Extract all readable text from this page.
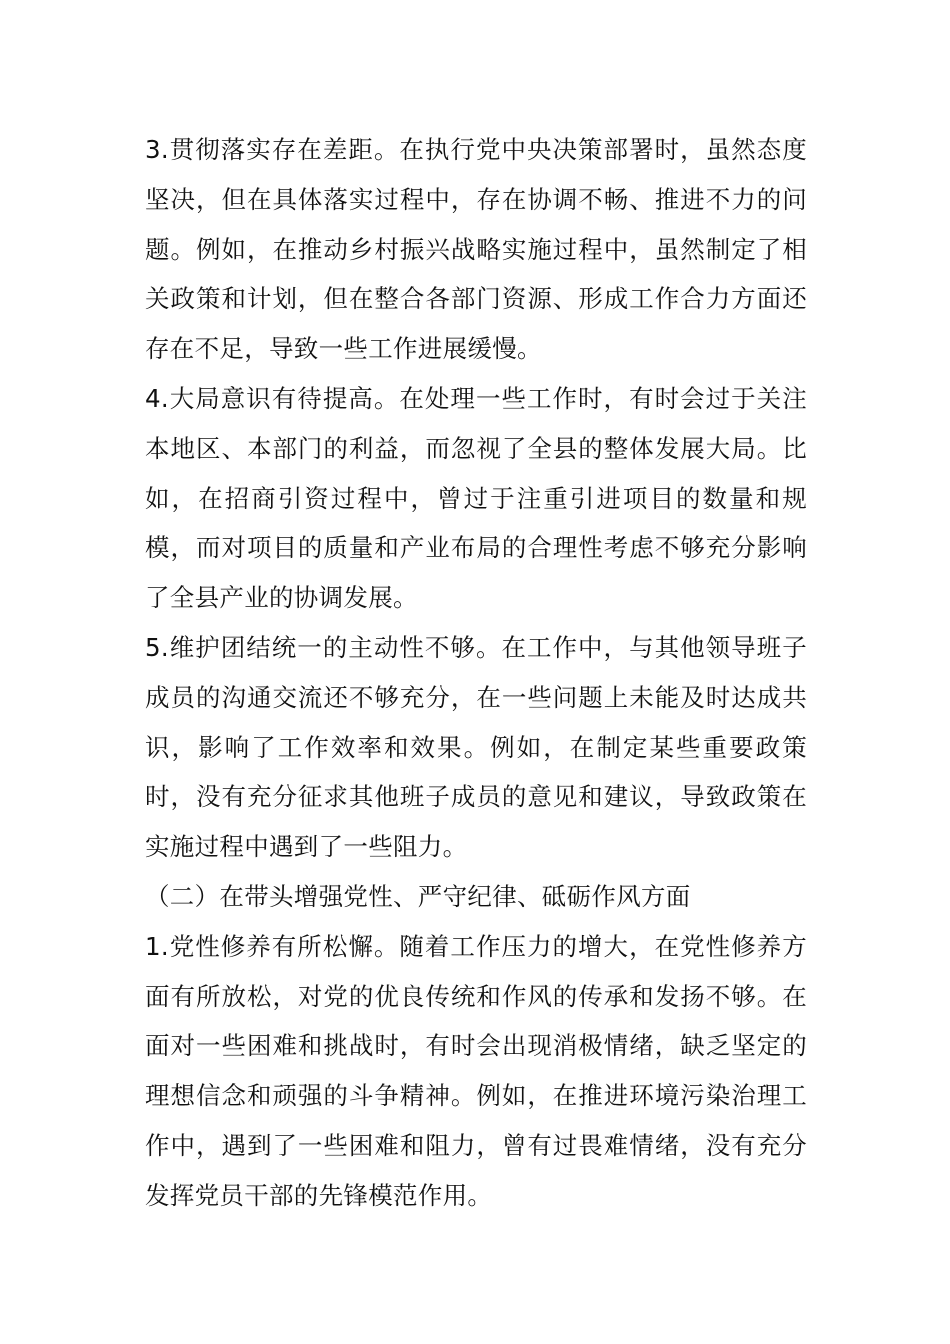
3.贯彻落实存在差距。在执行党中央决策部署时，虽然态度坚决，但在具体落实过程中，存在协调不畅、推进不力的问题。例如，在推动乡村振兴战略实施过程中，虽然制定了相关政策和计划，但在整合各部门资源、形成工作合力方面还存在不足，导致一些工作进展缓慢。

4.大局意识有待提高。在处理一些工作时，有时会过于关注本地区、本部门的利益，而忽视了全县的整体发展大局。比如，在招商引资过程中，曾过于注重引进项目的数量和规模，而对项目的质量和产业布局的合理性考虑不够充分影响了全县产业的协调发展。

5.维护团结统一的主动性不够。在工作中，与其他领导班子成员的沟通交流还不够充分，在一些问题上未能及时达成共识，影响了工作效率和效果。例如，在制定某些重要政策时，没有充分征求其他班子成员的意见和建议，导致政策在实施过程中遇到了一些阻力。

（二）在带头增强党性、严守纪律、砥砺作风方面

1.党性修养有所松懈。随着工作压力的增大，在党性修养方面有所放松，对党的优良传统和作风的传承和发扬不够。在面对一些困难和挑战时，有时会出现消极情绪，缺乏坚定的理想信念和顽强的斗争精神。例如，在推进环境污染治理工作中，遇到了一些困难和阻力，曾有过畏难情绪，没有充分发挥党员干部的先锋模范作用。
